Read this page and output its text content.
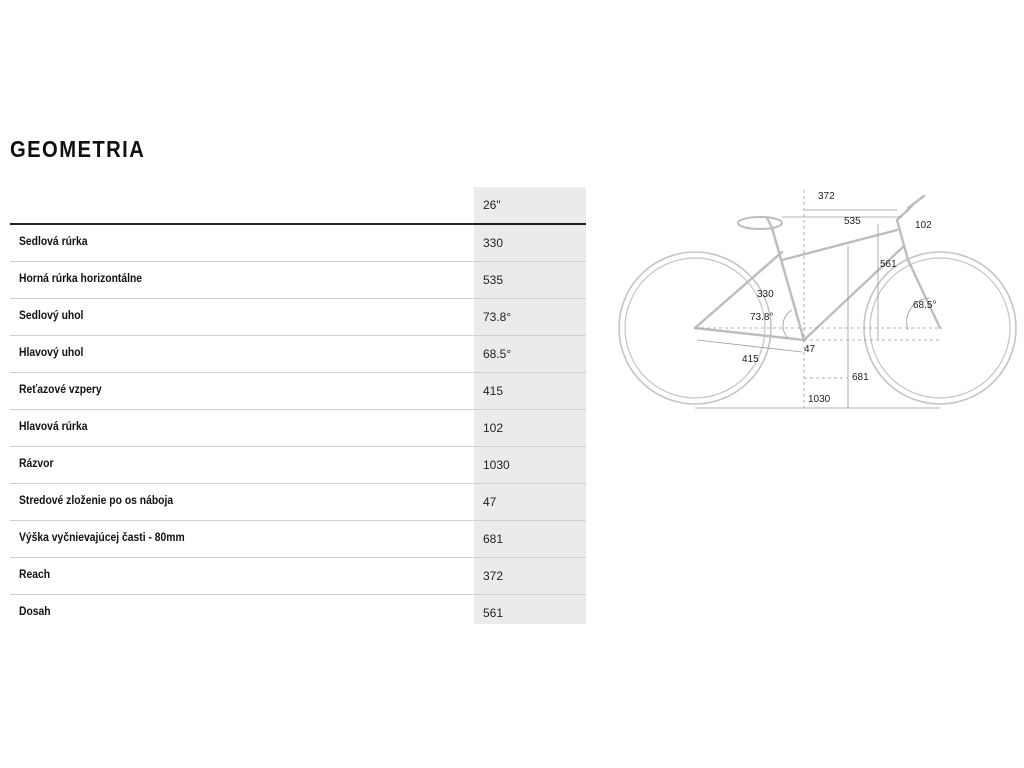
GEOMETRIA
26"
Sedlová rúrka	330
Horná rúrka horizontálne	535
Sedlový uhol	73.8°
Hlavový uhol	68.5°
Reťazové vzpery	415
Hlavová rúrka	102
Rázvor	1030
Stredové zloženie po os náboja	47
Výška vyčnievajúcej časti - 80mm	681
Reach	372
Dosah	561
372
535	102
561
330
73.8°
68.5°
415
47
681
1030
